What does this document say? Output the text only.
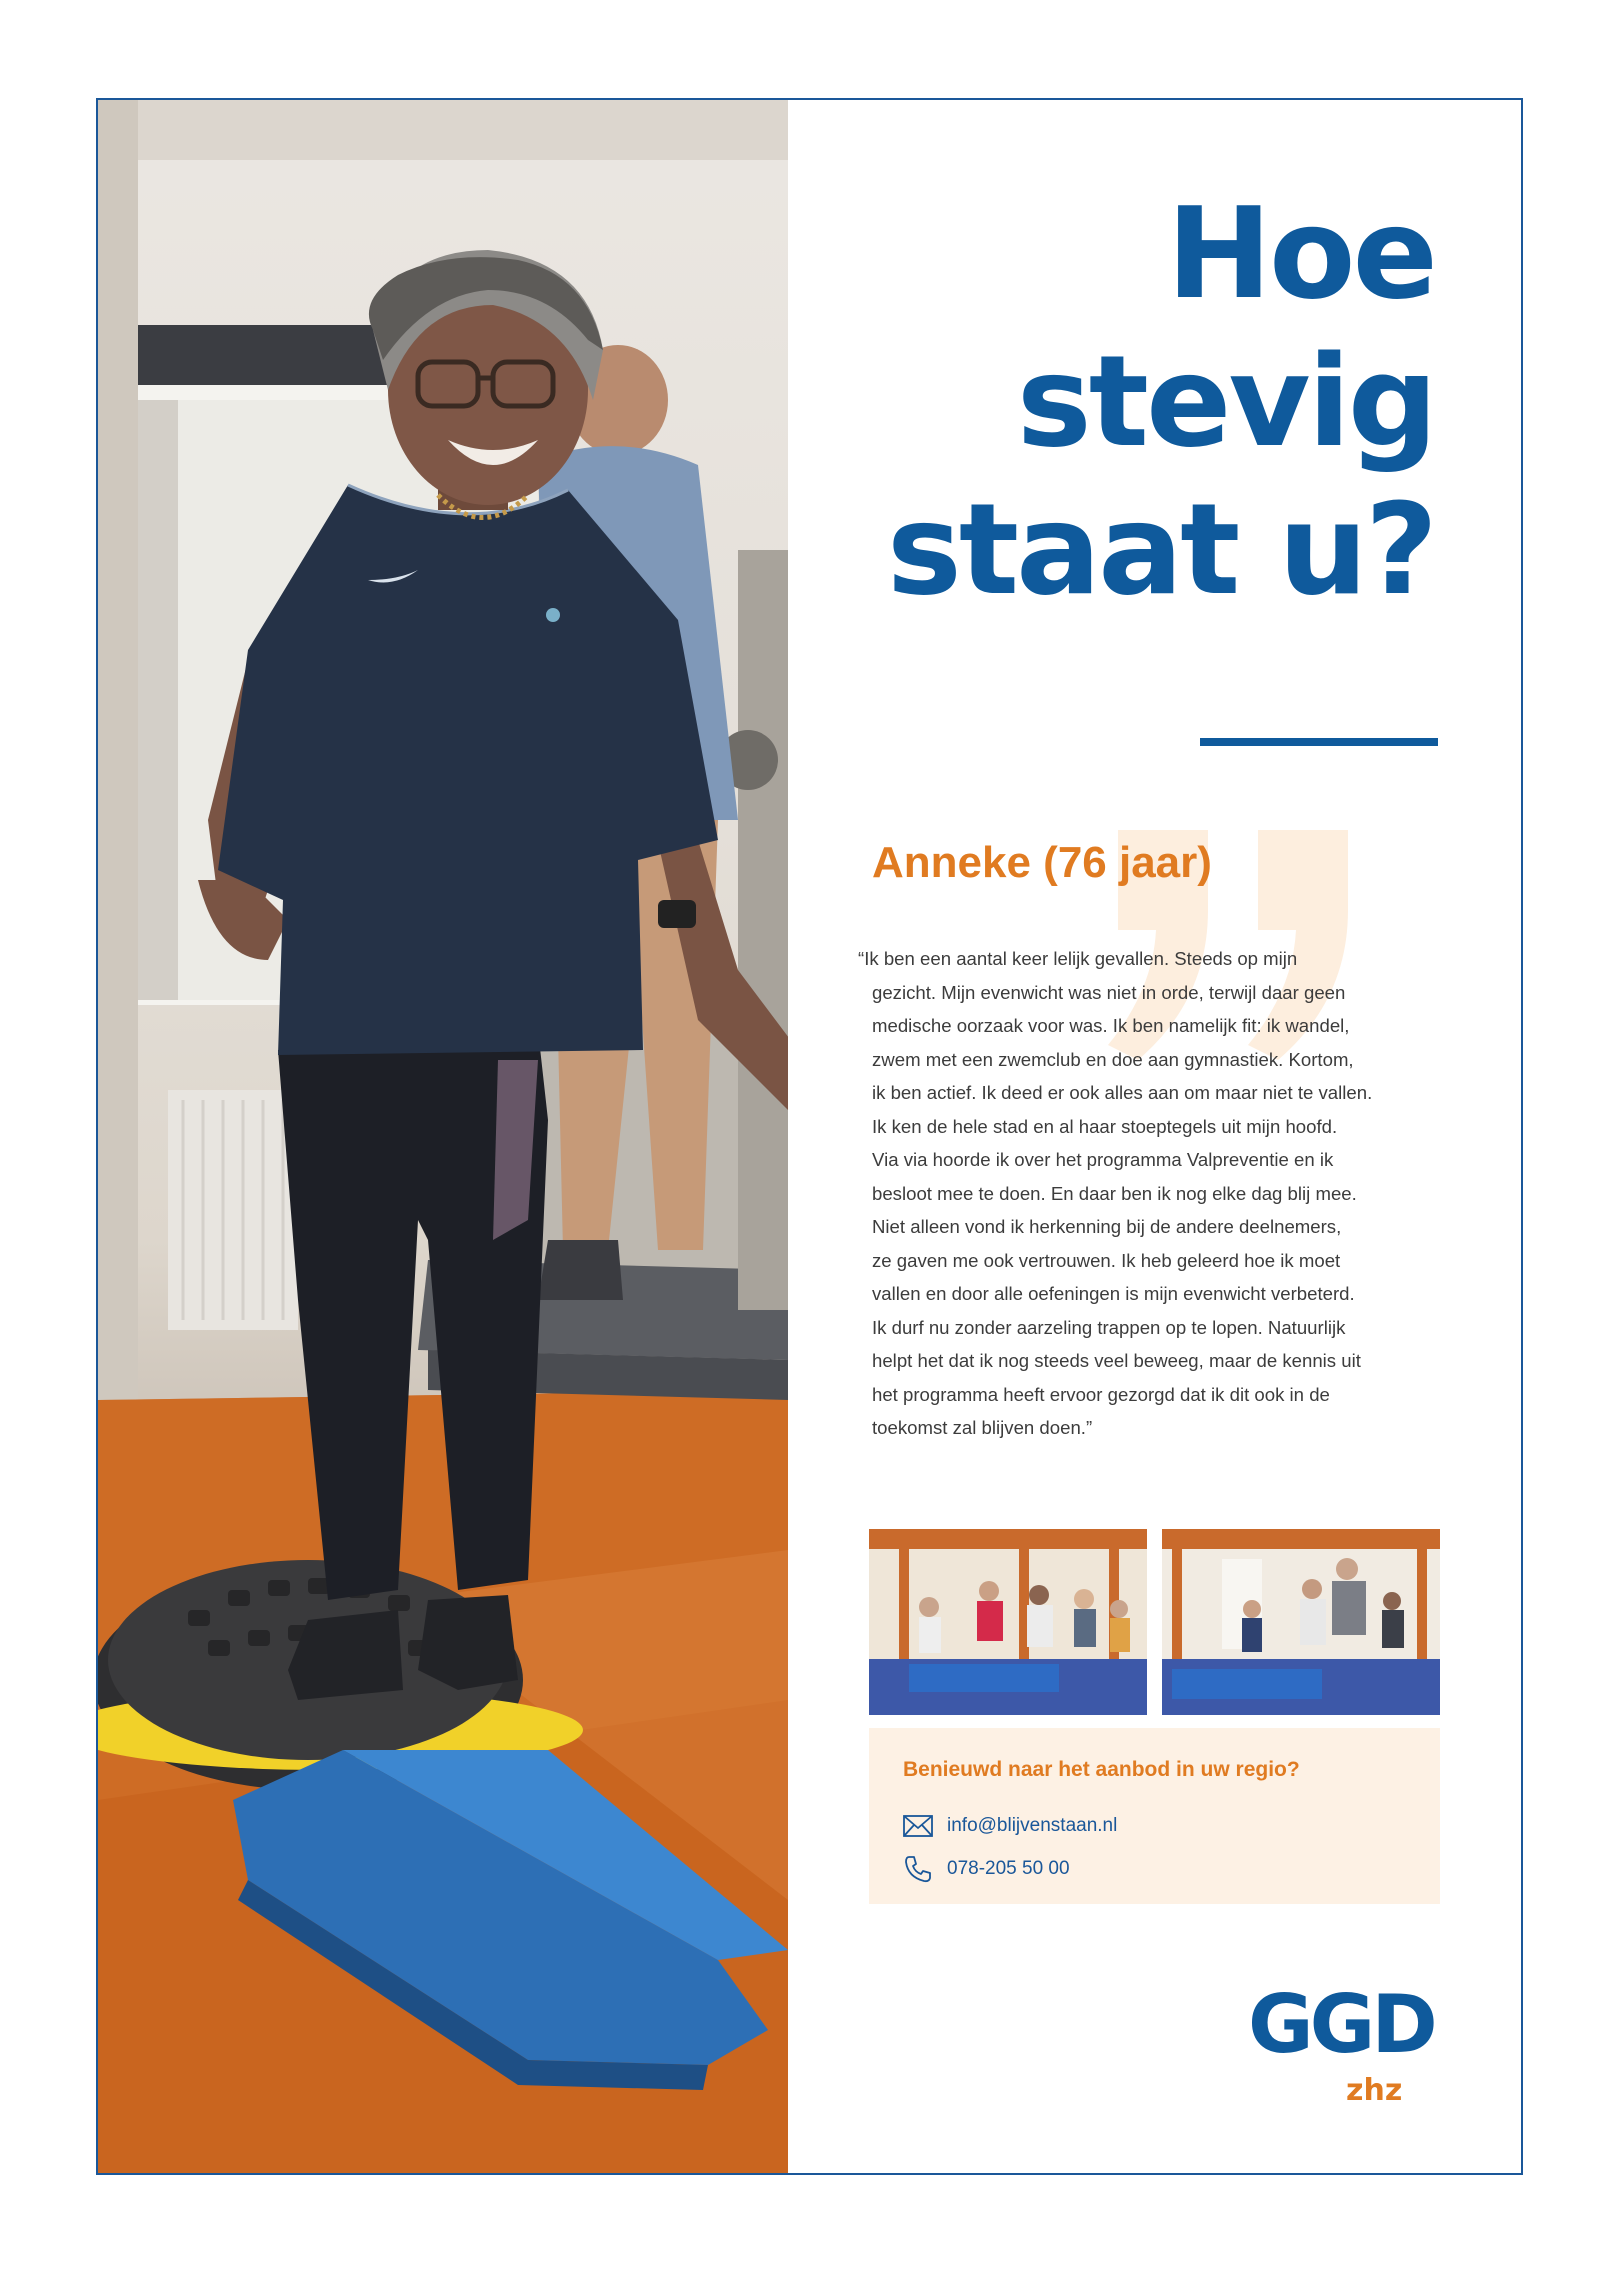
Hoe
stevig
staat u?
Anneke (76 jaar)

“Ik ben een aantal keer lelijk gevallen. Steeds op mijn
gezicht. Mijn evenwicht was niet in orde, terwijl daar geen
medische oorzaak voor was. Ik ben namelijk fit: ik wandel,
zwem met een zwemclub en doe aan gymnastiek. Kortom,
ik ben actief. Ik deed er ook alles aan om maar niet te vallen.
Ik ken de hele stad en al haar stoeptegels uit mijn hoofd.
Via via hoorde ik over het programma Valpreventie en ik
besloot mee te doen. En daar ben ik nog elke dag blij mee.
Niet alleen vond ik herkenning bij de andere deelnemers,
ze gaven me ook vertrouwen. Ik heb geleerd hoe ik moet
vallen en door alle oefeningen is mijn evenwicht verbeterd.
Ik durf nu zonder aarzeling trappen op te lopen. Natuurlijk
helpt het dat ik nog steeds veel beweeg, maar de kennis uit
het programma heeft ervoor gezorgd dat ik dit ook in de
toekomst zal blijven doen.”

Benieuwd naar het aanbod in uw regio?
info@blijvenstaan.nl
078-205 50 00
GGD
zhz
